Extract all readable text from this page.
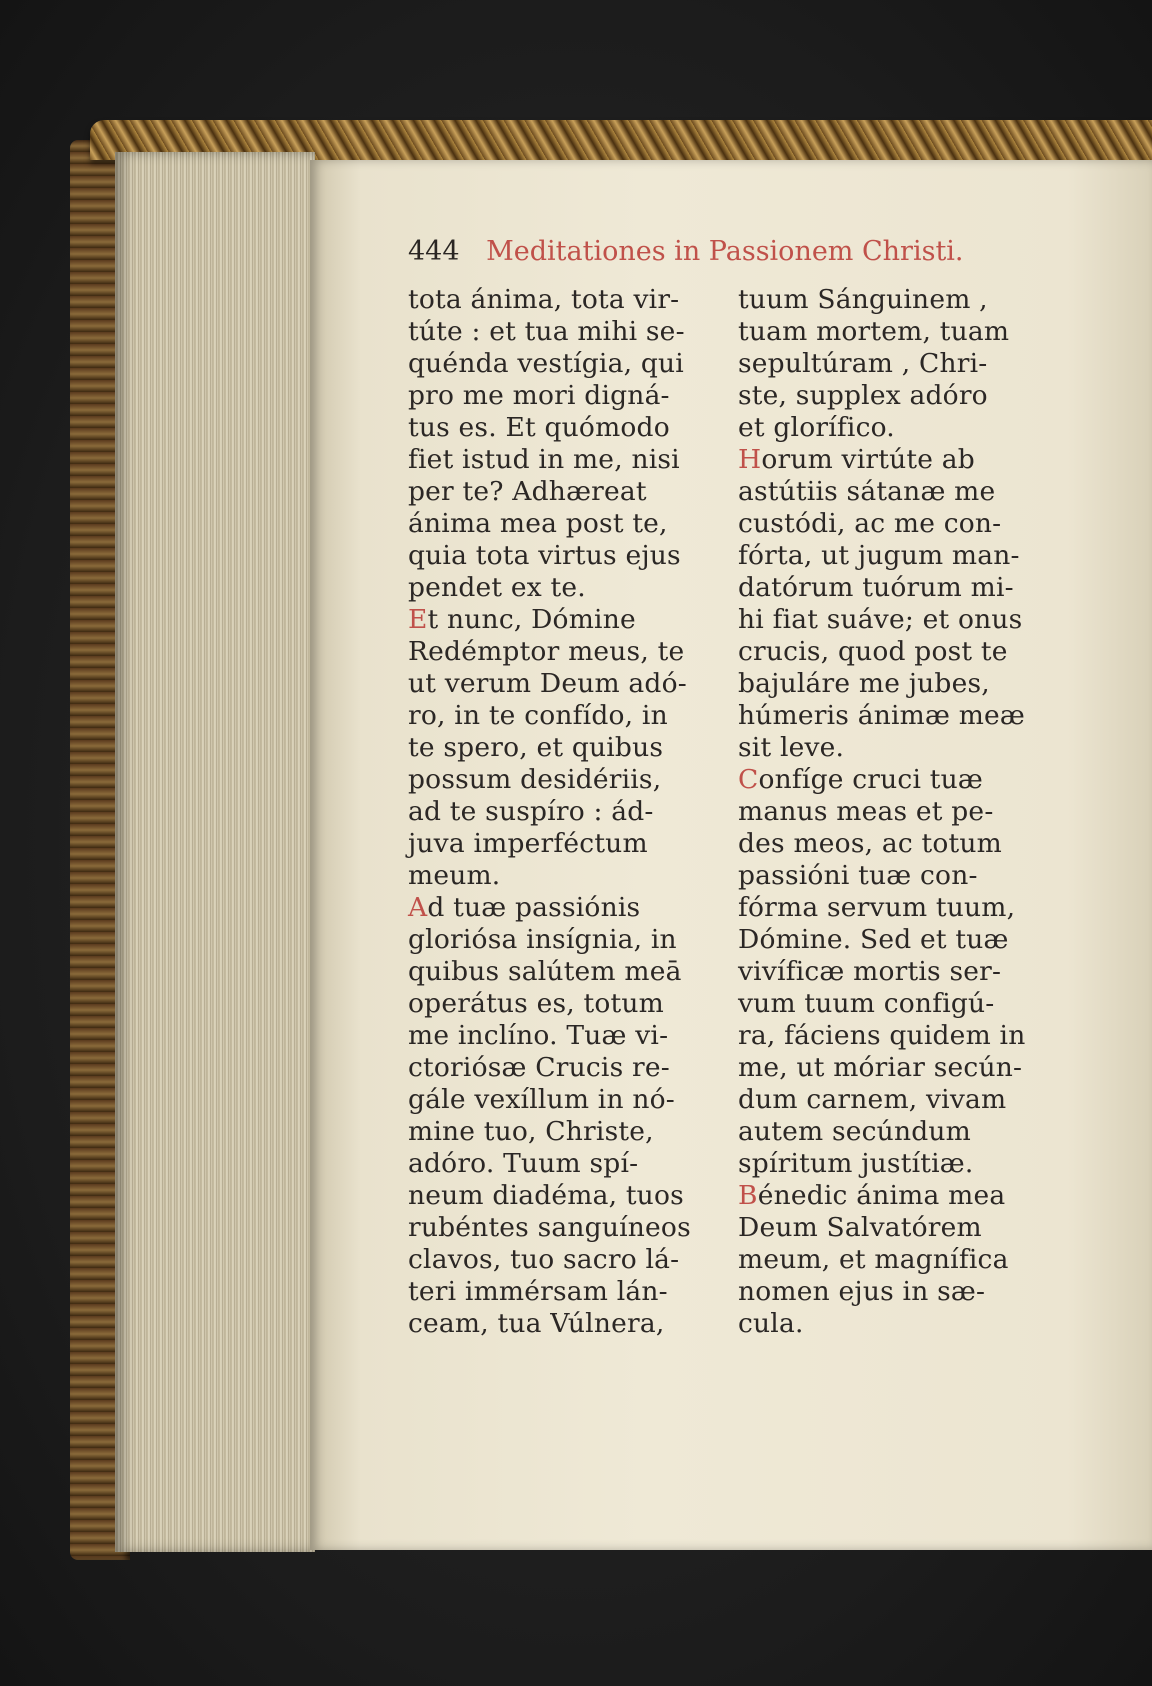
444 Meditationes in Passionem Christi.
tota ánima, tota vir-
túte : et tua mihi se-
quénda vestígia, qui
pro me mori digná-
tus es. Et quómodo
fiet istud in me, nisi
per te? Adhæreat
ánima mea post te,
quia tota virtus ejus
pendet ex te.
Et nunc, Dómine
Redémptor meus, te
ut verum Deum adó-
ro, in te confído, in
te spero, et quibus
possum desidériis,
ad te suspíro : ád-
juva imperféctum
meum.
Ad tuæ passiónis
gloriósa insígnia, in
quibus salútem meā
operátus es, totum
me inclíno. Tuæ vi-
ctoriósæ Crucis re-
gále vexíllum in nó-
mine tuo, Christe,
adóro. Tuum spí-
neum diadéma, tuos
rubéntes sanguíneos
clavos, tuo sacro lá-
teri immérsam lán-
ceam, tua Vúlnera,
tuum Sánguinem ,
tuam mortem, tuam
sepultúram , Chri-
ste, supplex adóro
et glorífico.
Horum virtúte ab
astútiis sátanæ me
custódi, ac me con-
fórta, ut jugum man-
datórum tuórum mi-
hi fiat suáve; et onus
crucis, quod post te
bajuláre me jubes,
húmeris ánimæ meæ
sit leve.
Confíge cruci tuæ
manus meas et pe-
des meos, ac totum
passióni tuæ con-
fórma servum tuum,
Dómine. Sed et tuæ
vivíficæ mortis ser-
vum tuum configú-
ra, fáciens quidem in
me, ut móriar secún-
dum carnem, vivam
autem secúndum
spíritum justítiæ.
Bénedic ánima mea
Deum Salvatórem
meum, et magnífica
nomen ejus in sæ-
cula.
